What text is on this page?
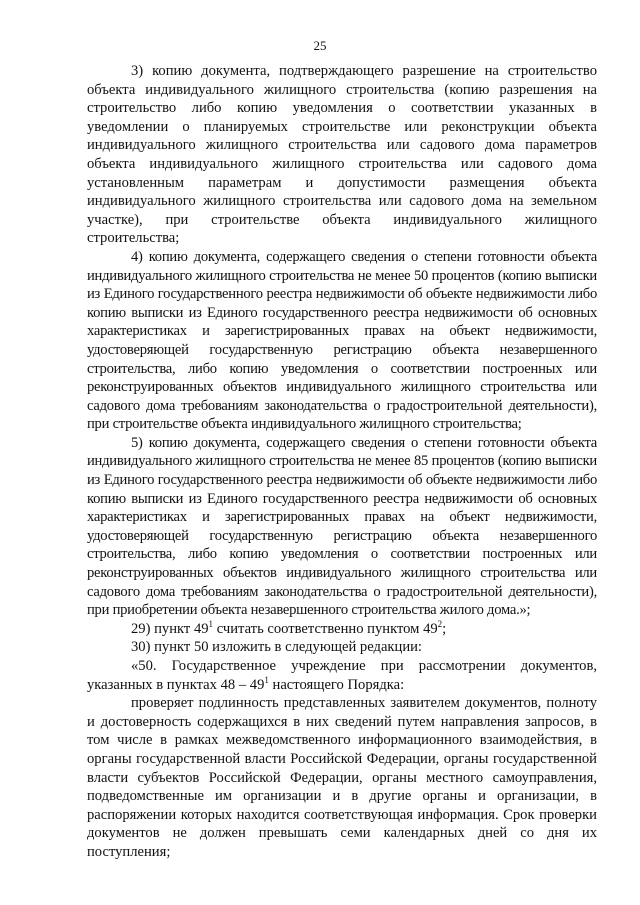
25

3) копию документа, подтверждающего разрешение на строительство объекта индивидуального жилищного строительства (копию разрешения на строительство либо копию уведомления о соответствии указанных в уведомлении о планируемых строительстве или реконструкции объекта индивидуального жилищного строительства или садового дома параметров объекта индивидуального жилищного строительства или садового дома установленным параметрам и допустимости размещения объекта индивидуального жилищного строительства или садового дома на земельном участке), при строительстве объекта индивидуального жилищного строительства;

4) копию документа, содержащего сведения о степени готовности объекта индивидуального жилищного строительства не менее 50 процентов (копию выписки из Единого государственного реестра недвижимости об объекте недвижимости либо копию выписки из Единого государственного реестра недвижимости об основных характеристиках и зарегистрированных правах на объект недвижимости, удостоверяющей государственную регистрацию объекта незавершенного строительства, либо копию уведомления о соответствии построенных или реконструированных объектов индивидуального жилищного строительства или садового дома требованиям законодательства о градостроительной деятельности), при строительстве объекта индивидуального жилищного строительства;

5) копию документа, содержащего сведения о степени готовности объекта индивидуального жилищного строительства не менее 85 процентов (копию выписки из Единого государственного реестра недвижимости об объекте недвижимости либо копию выписки из Единого государственного реестра недвижимости об основных характеристиках и зарегистрированных правах на объект недвижимости, удостоверяющей государственную регистрацию объекта незавершенного строительства, либо копию уведомления о соответствии построенных или реконструированных объектов индивидуального жилищного строительства или садового дома требованиям законодательства о градостроительной деятельности), при приобретении объекта незавершенного строительства жилого дома.»;

29) пункт $49^1$ считать соответственно пунктом $49^2$;

30) пункт 50 изложить в следующей редакции:

«50. Государственное учреждение при рассмотрении документов, указанных в пунктах $48 - 49^1$ настоящего Порядка:

проверяет подлинность представленных заявителем документов, полноту и достоверность содержащихся в них сведений путем направления запросов, в том числе в рамках межведомственного информационного взаимодействия, в органы государственной власти Российской Федерации, органы государственной власти субъектов Российской Федерации, органы местного самоуправления, подведомственные им организации и в другие органы и организации, в распоряжении которых находится соответствующая информация. Срок проверки документов не должен превышать семи календарных дней со дня их поступления;
